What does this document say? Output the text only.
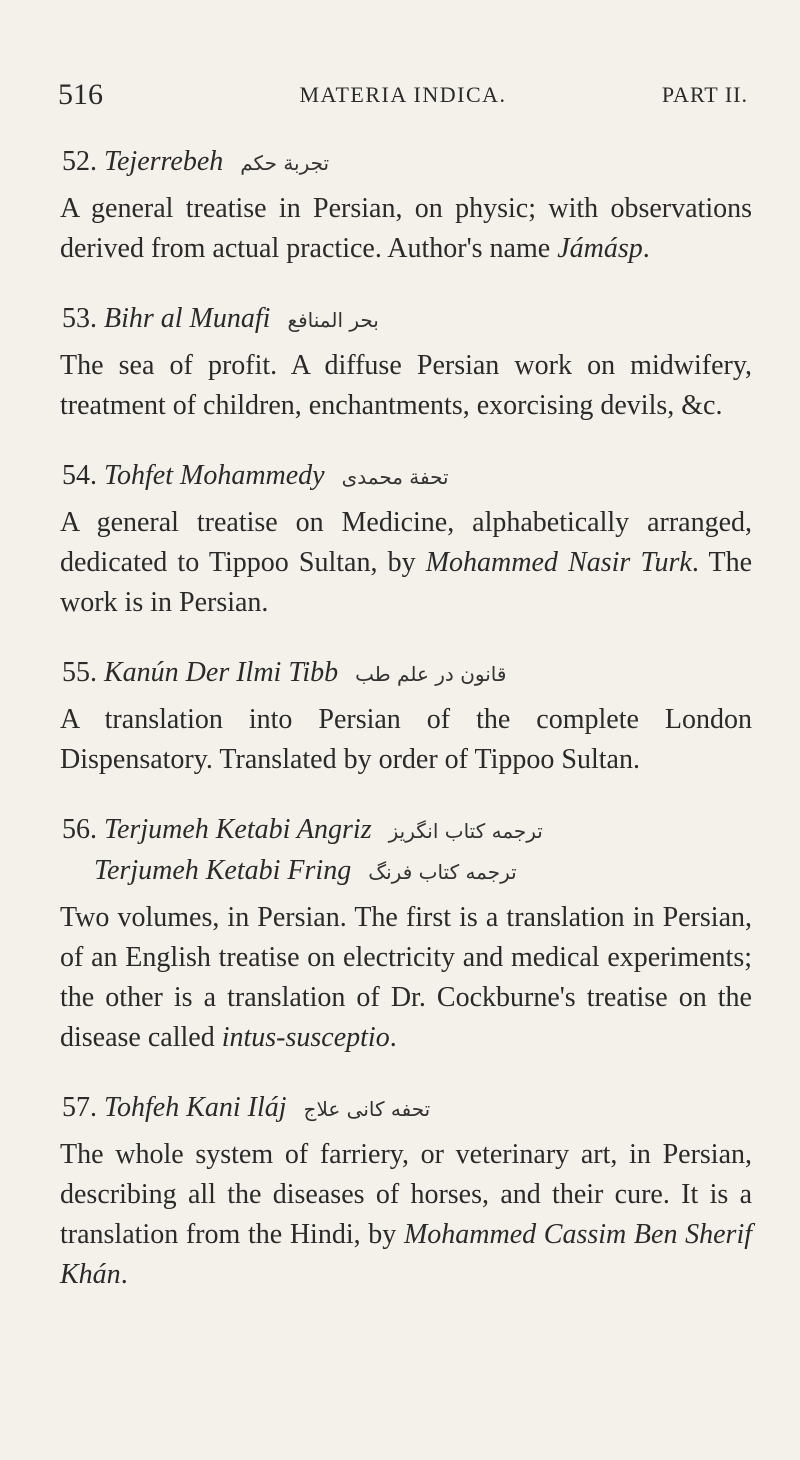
516	MATERIA INDICA.	PART II.
52. Tejerrebeh تجربة حكم
A general treatise in Persian, on physic; with observations derived from actual practice. Author's name Jámásp.
53. Bihr al Munafi بحر المنافع
The sea of profit. A diffuse Persian work on midwifery, treatment of children, enchantments, exorcising devils, &c.
54. Tohfet Mohammedy تحفة محمدی
A general treatise on Medicine, alphabetically arranged, dedicated to Tippoo Sultan, by Mohammed Nasir Turk. The work is in Persian.
55. Kanún Der Ilmi Tibb قانون در علم طب
A translation into Persian of the complete London Dispensatory. Translated by order of Tippoo Sultan.
56. Terjumeh Ketabi Angriz ترجمه کتاب انگریز
Terjumeh Ketabi Fring ترجمه کتاب فرنگ
Two volumes, in Persian. The first is a translation in Persian, of an English treatise on electricity and medical experiments; the other is a translation of Dr. Cockburne's treatise on the disease called intus-susceptio.
57. Tohfeh Kani Iláj تحفه کانی علاج
The whole system of farriery, or veterinary art, in Persian, describing all the diseases of horses, and their cure. It is a translation from the Hindi, by Mohammed Cassim Ben Sherif Khán.
